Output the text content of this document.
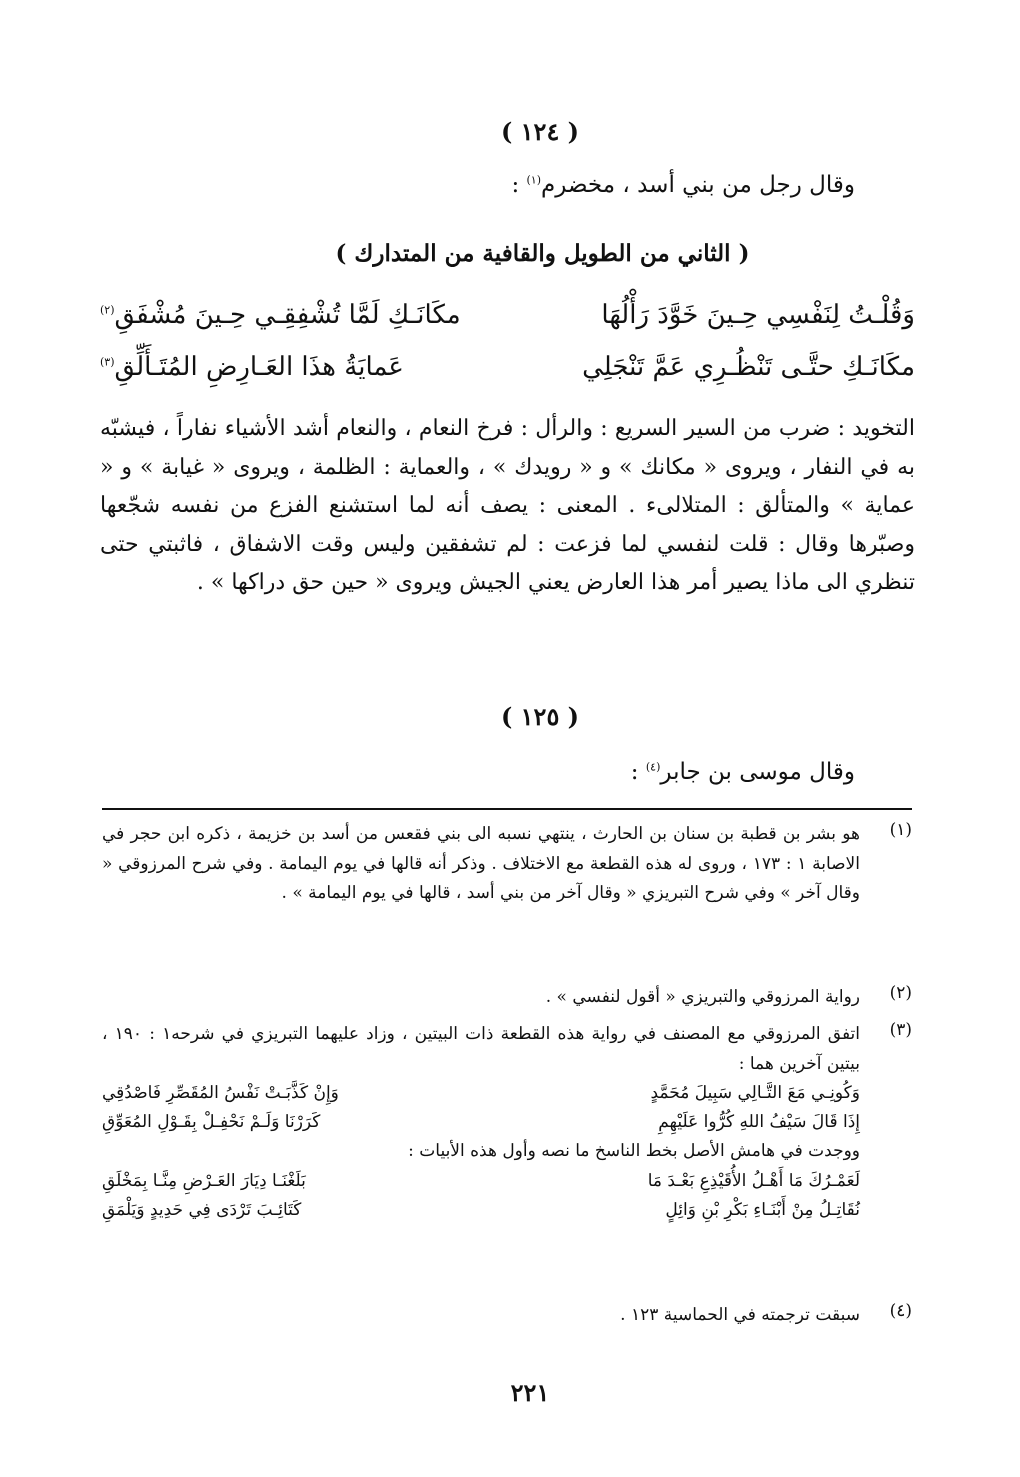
( ١٢٤ )
وقال رجل من بني أسد ، مخضرم$^{(١)}$ :
( الثاني من الطويل والقافية من المتدارك )
وَقُلْـتُ لِنَفْسِي حِـينَ خَوَّدَ رَأْلُهَا
مكَانَـكِ لَمَّا تُشْفِقِـي حِـينَ مُشْفَقِ$^{(٢)}$
مكَانَـكِ حتَّـى تَنْظُـرِي عَمَّ تَنْجَلِي
عَمايَةُ هذَا العَـارِضِ المُتَـأَلِّقِ$^{(٣)}$

التخويد : ضرب من السير السريع : والرأل : فرخ النعام ، والنعام أشد الأشياء نفاراً ، فيشبّه به في النفار ، ويروى « مكانك » و « رويدك » ، والعماية : الظلمة ، ويروى « غيابة » و « عماية » والمتألق : المتلالىء . المعنى : يصف أنه لما استشنع الفزع من نفسه شجّعها وصبّرها وقال : قلت لنفسي لما فزعت : لم تشفقين وليس وقت الاشفاق ، فاثبتي حتى تنظري الى ماذا يصير أمر هذا العارض يعني الجيش ويروى « حين حق دراكها » .

( ١٢٥ )
وقال موسى بن جابر$^{(٤)}$ :
(١)

هو بشر بن قطبة بن سنان بن الحارث ، ينتهي نسبه الى بني فقعس من أسد بن خزيمة ، ذكره ابن حجر في الاصابة ١ : ١٧٣ ، وروى له هذه القطعة مع الاختلاف . وذكر أنه قالها في يوم اليمامة . وفي شرح المرزوقي « وقال آخر » وفي شرح التبريزي « وقال آخر من بني أسد ، قالها في يوم اليمامة » .

(٢)

رواية المرزوقي والتبريزي « أقول لنفسي » .

(٣)

اتفق المرزوقي مع المصنف في رواية هذه القطعة ذات البيتين ، وزاد عليهما التبريزي في شرحه١ : ١٩٠ ، بيتين آخرين هما :

وَكُونِـي مَعَ التَّـالِي سَبِيلَ مُحَمَّدٍ
وَإِنْ كَذَّبَـتْ نَفْسُ المُقَصِّرِ فَاصْدُقِي
إِذَا قَالَ سَيْفُ اللهِ كُرُّوا عَلَيْهِمِ
كَرَرْنَا وَلَـمْ نَحْفِـلْ بِقَـوْلِ المُعَوِّقِ

ووجدت في هامش الأصل بخط الناسخ ما نصه وأول هذه الأبيات :

لَعَمْـرُكَ مَا أَهْـلُ الأُقَيْذِعِ بَعْـدَ مَا
بَلَغْنَـا دِيَارَ العَـرْضِ مِنَّـا بِمَخْلَقِ
نُقَاتِـلُ مِنْ أَبْنَـاءِ بَكْرِ بْنِ وَائِلٍ
كَتَائِـبَ تَرْدَى فِي حَدِيدٍ وَيَلْمَقِ
(٤)

سبقت ترجمته في الحماسية ١٢٣ .

٢٢١
